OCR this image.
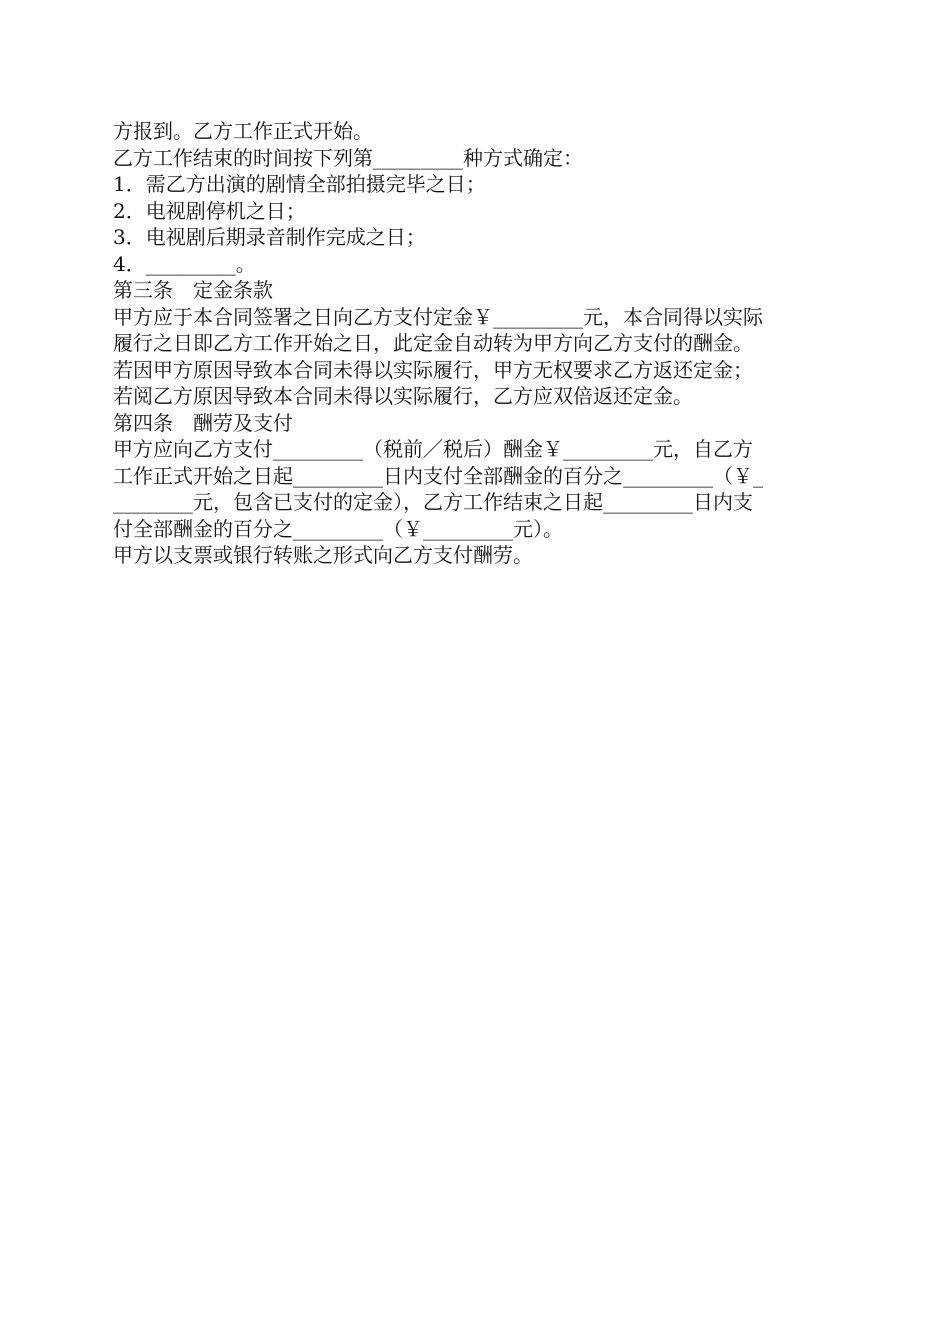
方报到。乙方工作正式开始。
乙方工作结束的时间按下列第_________种方式确定：
1．需乙方出演的剧情全部拍摄完毕之日；
2．电视剧停机之日；
3．电视剧后期录音制作完成之日；
4．_________。
第三条　定金条款
甲方应于本合同签署之日向乙方支付定金￥_________元，本合同得以实际
履行之日即乙方工作开始之日，此定金自动转为甲方向乙方支付的酬金。
若因甲方原因导致本合同未得以实际履行，甲方无权要求乙方返还定金；
若阅乙方原因导致本合同未得以实际履行，乙方应双倍返还定金。
第四条　酬劳及支付
甲方应向乙方支付_________（税前／税后）酬金￥_________元，自乙方
工作正式开始之日起_________日内支付全部酬金的百分之_________（￥_
________元，包含已支付的定金），乙方工作结束之日起_________日内支
付全部酬金的百分之_________（￥_________元）。
甲方以支票或银行转账之形式向乙方支付酬劳。
